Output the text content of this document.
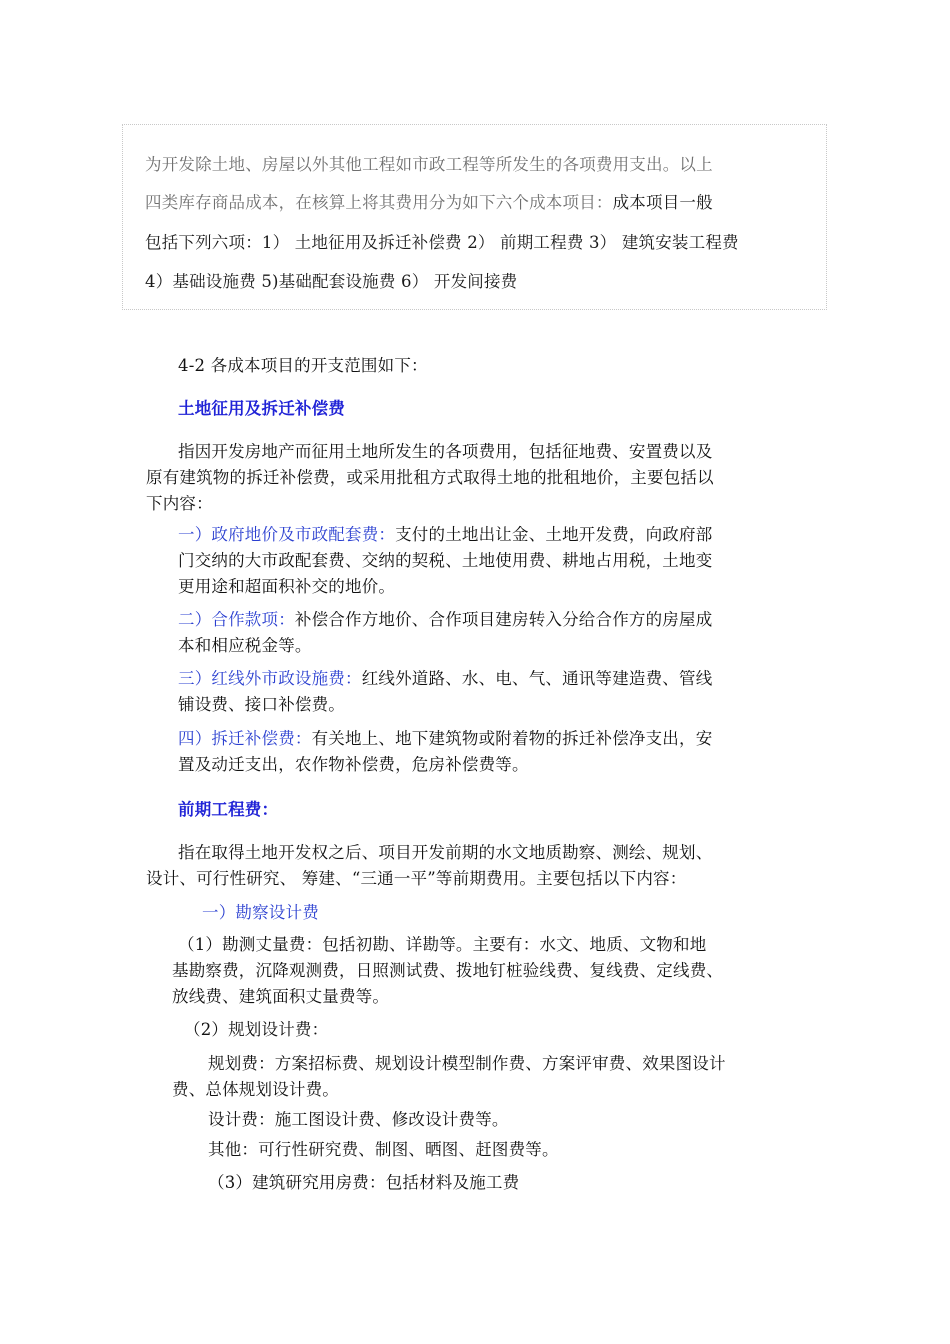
为开发除土地、房屋以外其他工程如市政工程等所发生的各项费用支出。以上

四类库存商品成本，在核算上将其费用分为如下六个成本项目：成本项目一般

包括下列六项：1） 土地征用及拆迁补偿费 2） 前期工程费 3） 建筑安装工程费

4）基础设施费 5)基础配套设施费 6） 开发间接费

4-2 各成本项目的开支范围如下：

土地征用及拆迁补偿费

指因开发房地产而征用土地所发生的各项费用，包括征地费、安置费以及

原有建筑物的拆迁补偿费，或采用批租方式取得土地的批租地价，主要包括以

下内容：

一）政府地价及市政配套费：支付的土地出让金、土地开发费，向政府部

门交纳的大市政配套费、交纳的契税、土地使用费、耕地占用税，土地变

更用途和超面积补交的地价。

二）合作款项：补偿合作方地价、合作项目建房转入分给合作方的房屋成

本和相应税金等。

三）红线外市政设施费：红线外道路、水、电、气、通讯等建造费、管线

铺设费、接口补偿费。

四）拆迁补偿费：有关地上、地下建筑物或附着物的拆迁补偿净支出，安

置及动迁支出，农作物补偿费，危房补偿费等。

前期工程费：

指在取得土地开发权之后、项目开发前期的水文地质勘察、测绘、规划、

设计、可行性研究、 筹建、“三通一平”等前期费用。主要包括以下内容：

一）勘察设计费

（1）勘测丈量费：包括初勘、详勘等。主要有：水文、地质、文物和地

基勘察费，沉降观测费，日照测试费、拨地钉桩验线费、复线费、定线费、

放线费、建筑面积丈量费等。

（2）规划设计费：

规划费：方案招标费、规划设计模型制作费、方案评审费、效果图设计

费、总体规划设计费。

设计费：施工图设计费、修改设计费等。

其他：可行性研究费、制图、晒图、赶图费等。

（3）建筑研究用房费：包括材料及施工费
